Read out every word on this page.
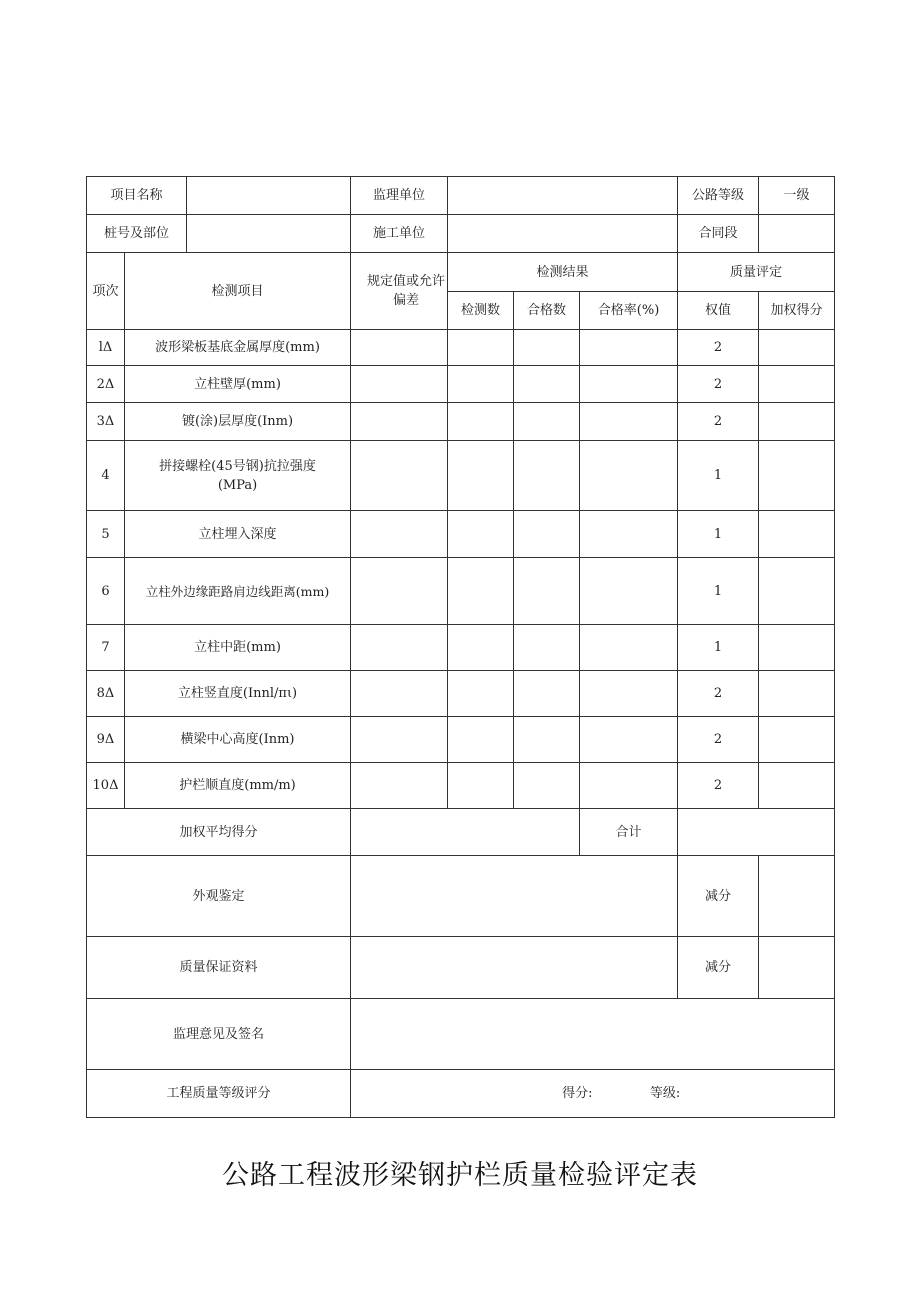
项目名称			监理单位				公路等级	一级
桩号及部位			施工单位				合同段	
项次	检测项目		规定值或允许偏差	检测结果			质量评定	
				检测数	合格数	合格率(%)	权值	加权得分
lΔ	波形梁板基底金属厚度(mm)						2	
2Δ	立柱壁厚(mm)						2	
3Δ	镀(涂)层厚度(Inm)						2	
4	拼接螺栓(45号钢)抗拉强度
(MPa)						1	
5	立柱埋入深度						1	
6	立柱外边缘距路肩边线距离(mm)						1	
7	立柱中距(mm)						1	
8Δ	立柱竖直度(Innl∕πι)						2	
9Δ	横梁中心高度(Inm)						2	
10Δ	护栏顺直度(mm∕m)						2	
加权平均得分						合计		
外观鉴定							减分	
质量保证资料							减分	
监理意见及签名								
工程质量等级评分			得分: 等级:					
公路工程波形梁钢护栏质量检验评定表
